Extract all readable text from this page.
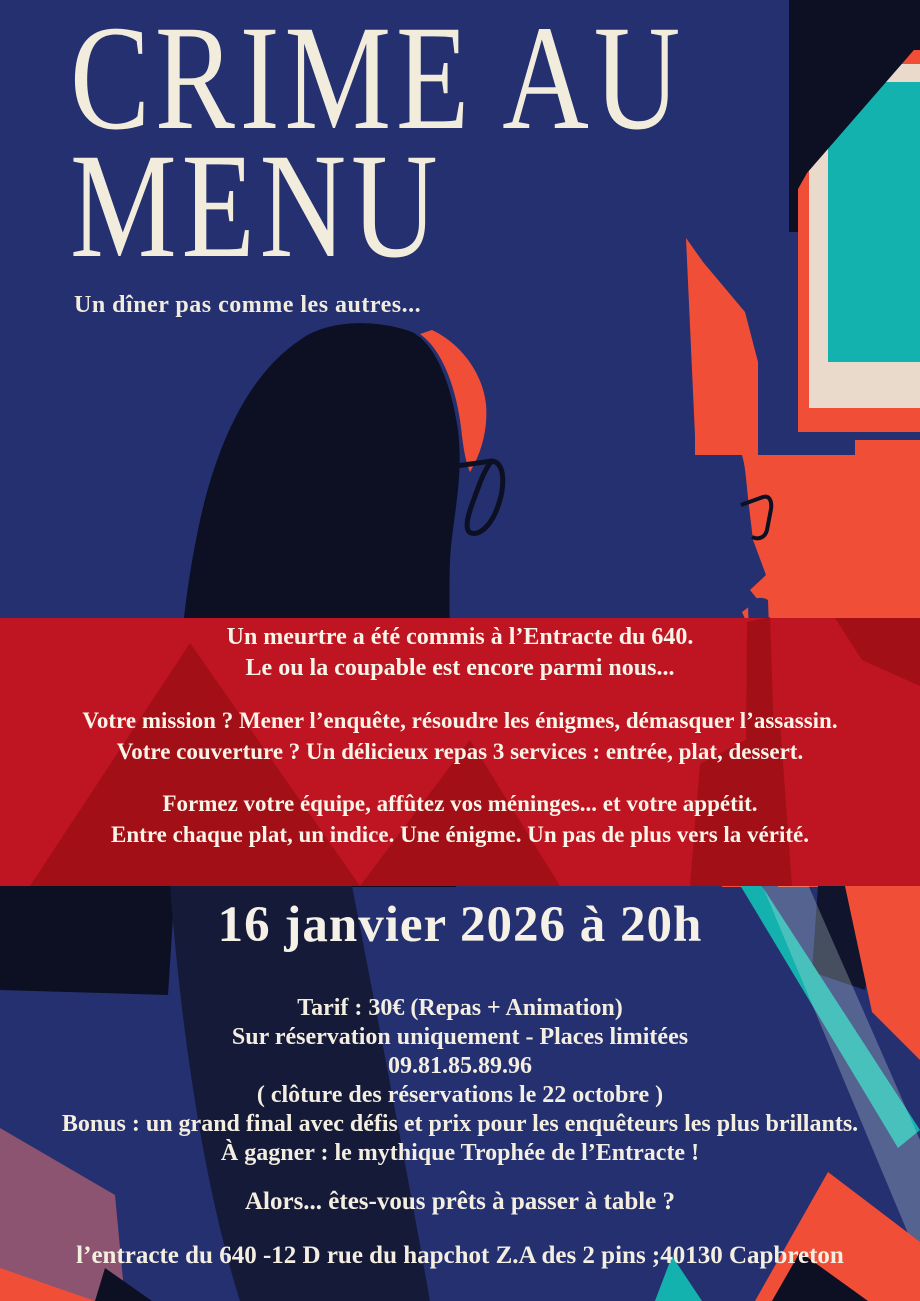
CRIME AU
MENU
Un dîner pas comme les autres...
Un meurtre a été commis à l’Entracte du 640.
Le ou la coupable est encore parmi nous...
Votre mission ? Mener l’enquête, résoudre les énigmes, démasquer l’assassin.
Votre couverture ? Un délicieux repas 3 services : entrée, plat, dessert.
Formez votre équipe, affûtez vos méninges... et votre appétit.
Entre chaque plat, un indice. Une énigme. Un pas de plus vers la vérité.
16 janvier 2026 à 20h
Tarif : 30€ (Repas + Animation)
Sur réservation uniquement - Places limitées
09.81.85.89.96
( clôture des réservations le 22 octobre )
Bonus : un grand final avec défis et prix pour les enquêteurs les plus brillants.
À gagner : le mythique Trophée de l’Entracte !
Alors... êtes-vous prêts à passer à table ?
l’entracte du 640 -12 D rue du hapchot Z.A des 2 pins ;40130 Capbreton
